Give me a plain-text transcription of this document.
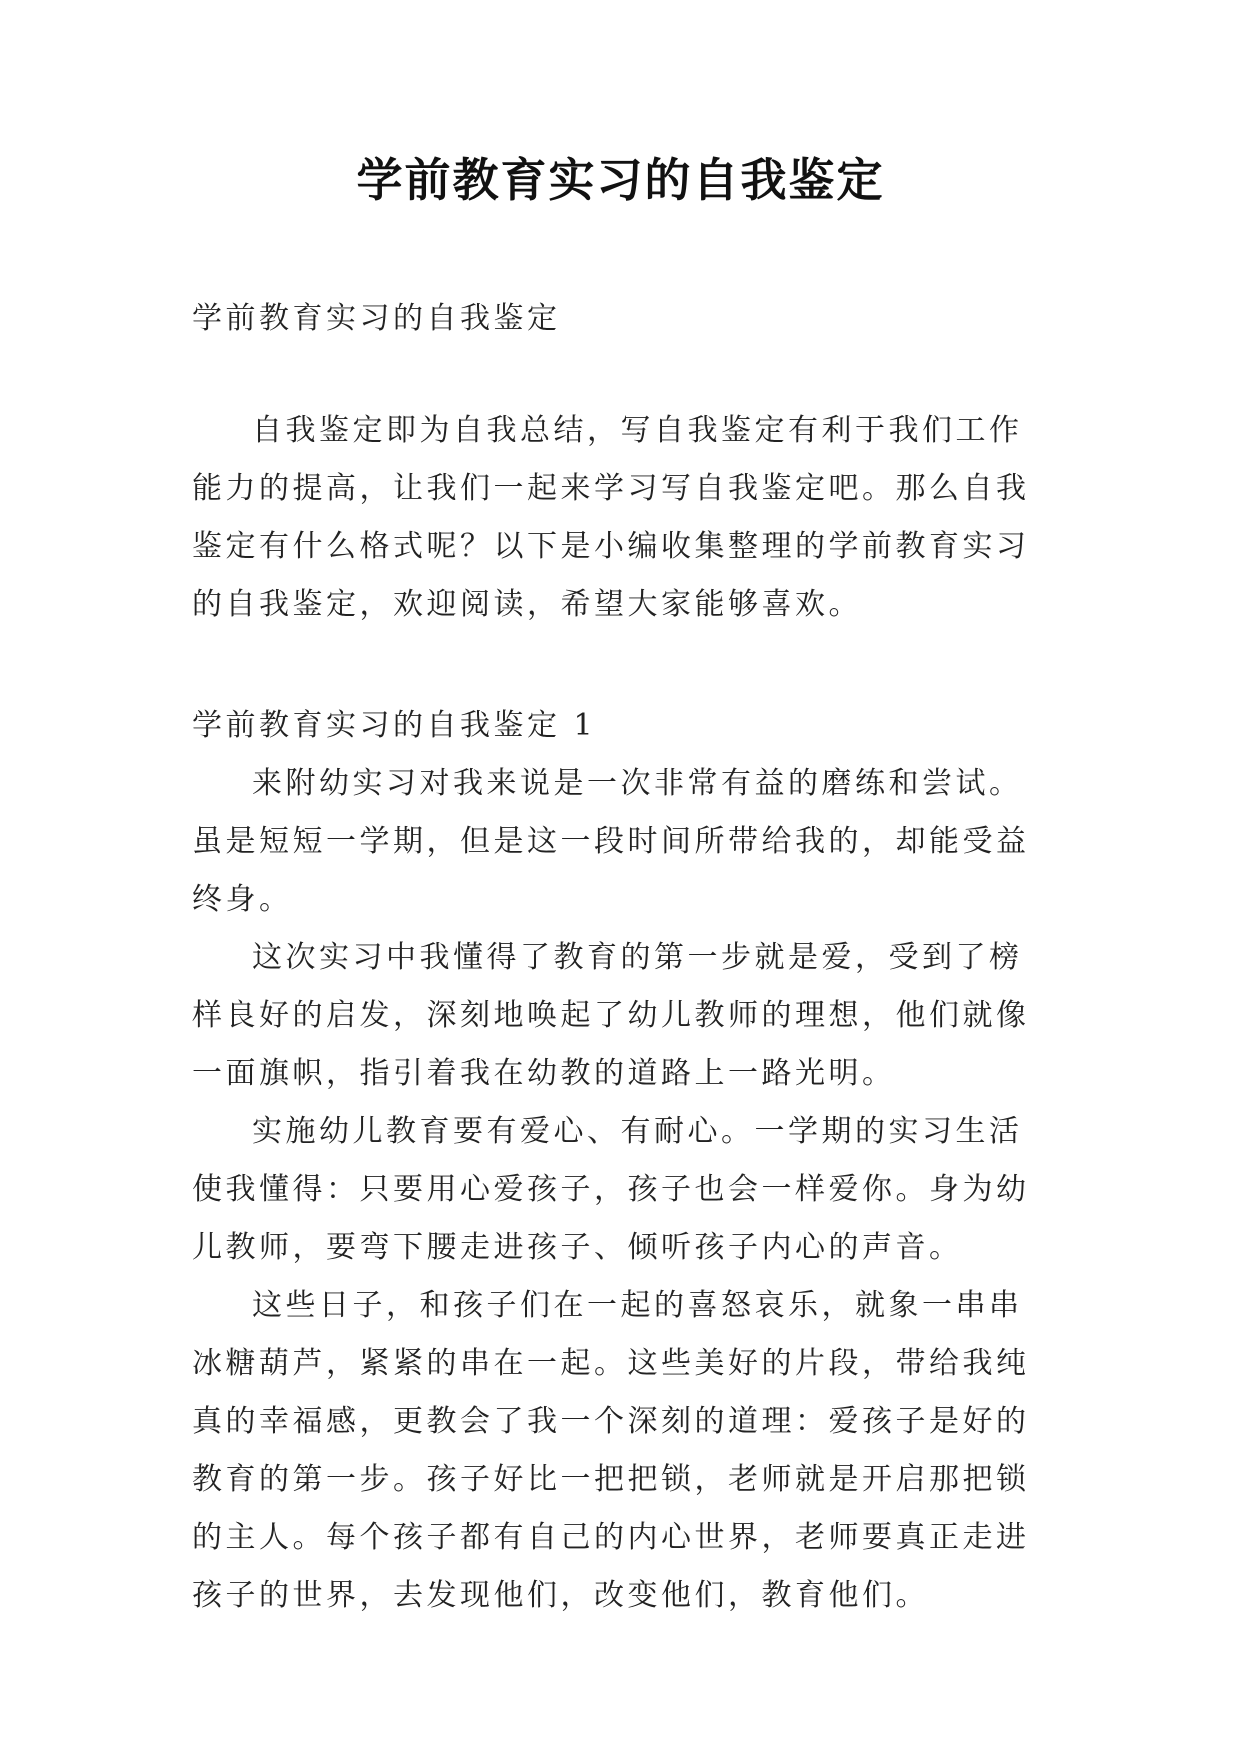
学前教育实习的自我鉴定
学前教育实习的自我鉴定

自我鉴定即为自我总结，写自我鉴定有利于我们工作能力的提高，让我们一起来学习写自我鉴定吧。那么自我鉴定有什么格式呢？以下是小编收集整理的学前教育实习的自我鉴定，欢迎阅读，希望大家能够喜欢。

学前教育实习的自我鉴定 1

来附幼实习对我来说是一次非常有益的磨练和尝试。虽是短短一学期，但是这一段时间所带给我的，却能受益终身。

这次实习中我懂得了教育的第一步就是爱，受到了榜样良好的启发，深刻地唤起了幼儿教师的理想，他们就像一面旗帜，指引着我在幼教的道路上一路光明。

实施幼儿教育要有爱心、有耐心。一学期的实习生活使我懂得：只要用心爱孩子，孩子也会一样爱你。身为幼儿教师，要弯下腰走进孩子、倾听孩子内心的声音。

这些日子，和孩子们在一起的喜怒哀乐，就象一串串冰糖葫芦，紧紧的串在一起。这些美好的片段，带给我纯真的幸福感，更教会了我一个深刻的道理：爱孩子是好的教育的第一步。孩子好比一把把锁，老师就是开启那把锁的主人。每个孩子都有自己的内心世界，老师要真正走进孩子的世界，去发现他们，改变他们，教育他们。
